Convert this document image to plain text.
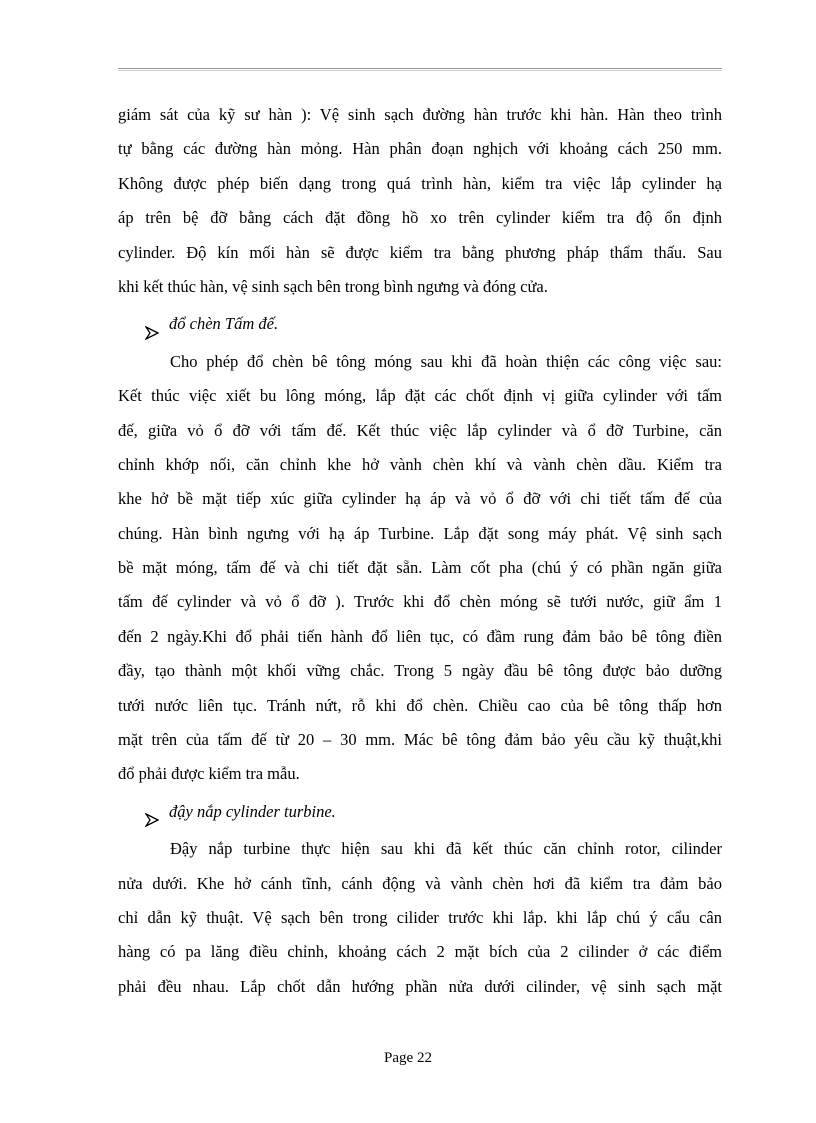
giám sát của kỹ sư hàn ): Vệ sinh sạch đường hàn trước khi hàn. Hàn theo trình
tự bằng các đường hàn mỏng. Hàn phân đoạn nghịch với khoảng cách 250 mm.
Không được phép biến dạng trong quá trình hàn, kiểm tra việc lắp cylinder hạ
áp trên bệ đỡ bằng cách đặt đồng hồ xo trên cylinder kiểm tra độ ổn định
cylinder. Độ kín mối hàn sẽ được kiểm tra bằng phương pháp thẩm thấu. Sau
khi kết thúc hàn, vệ sinh sạch bên trong bình ngưng và đóng cửa.
đổ chèn Tấm đế.
Cho phép đổ chèn bê tông móng sau khi đã hoàn thiện các công việc sau:
Kết thúc việc xiết bu lông móng, lắp đặt các chốt định vị giữa cylinder với tấm
đế, giữa vỏ ổ đỡ với tấm đế. Kết thúc việc lắp cylinder và ổ đỡ Turbine, căn
chỉnh khớp nối, căn chỉnh khe hở vành chèn khí và vành chèn dầu. Kiểm tra
khe hở bề mặt tiếp xúc giữa cylinder hạ áp và vỏ ổ đỡ với chi tiết tấm đế của
chúng. Hàn bình ngưng với hạ áp Turbine. Lắp đặt song máy phát. Vệ sinh sạch
bề mặt móng, tấm đế và chi tiết đặt sẵn. Làm cốt pha (chú ý có phần ngăn giữa
tấm đế cylinder và vỏ ổ đỡ ). Trước khi đổ chèn móng sẽ tưới nước, giữ ẩm 1
đến 2 ngày.Khi đổ phải tiến hành đổ liên tục, có đầm rung đảm bảo bê tông điền
đầy, tạo thành một khối vững chắc. Trong 5 ngày đầu bê tông được bảo dưỡng
tưới nước liên tục. Tránh nứt, rỗ khi đổ chèn. Chiều cao của bê tông thấp hơn
mặt trên của tấm đế từ 20 – 30 mm. Mác bê tông đảm bảo yêu cầu kỹ thuật,khi
đổ phải được kiểm tra mẫu.
đậy nắp cylinder turbine.
Đậy nắp turbine thực hiện sau khi đã kết thúc căn chỉnh rotor, cilinder
nửa dưới. Khe hở cánh tĩnh, cánh động và vành chèn hơi đã kiểm tra đảm bảo
chỉ dẫn kỹ thuật. Vệ sạch bên trong cilider trước khi lắp. khi lắp chú ý cẩu cân
hàng có pa lăng điều chỉnh, khoảng cách 2 mặt bích của 2 cilinder ở các điểm
phải đều nhau. Lắp chốt dẫn hướng phần nửa dưới cilinder, vệ sinh sạch mặt
Page 22
